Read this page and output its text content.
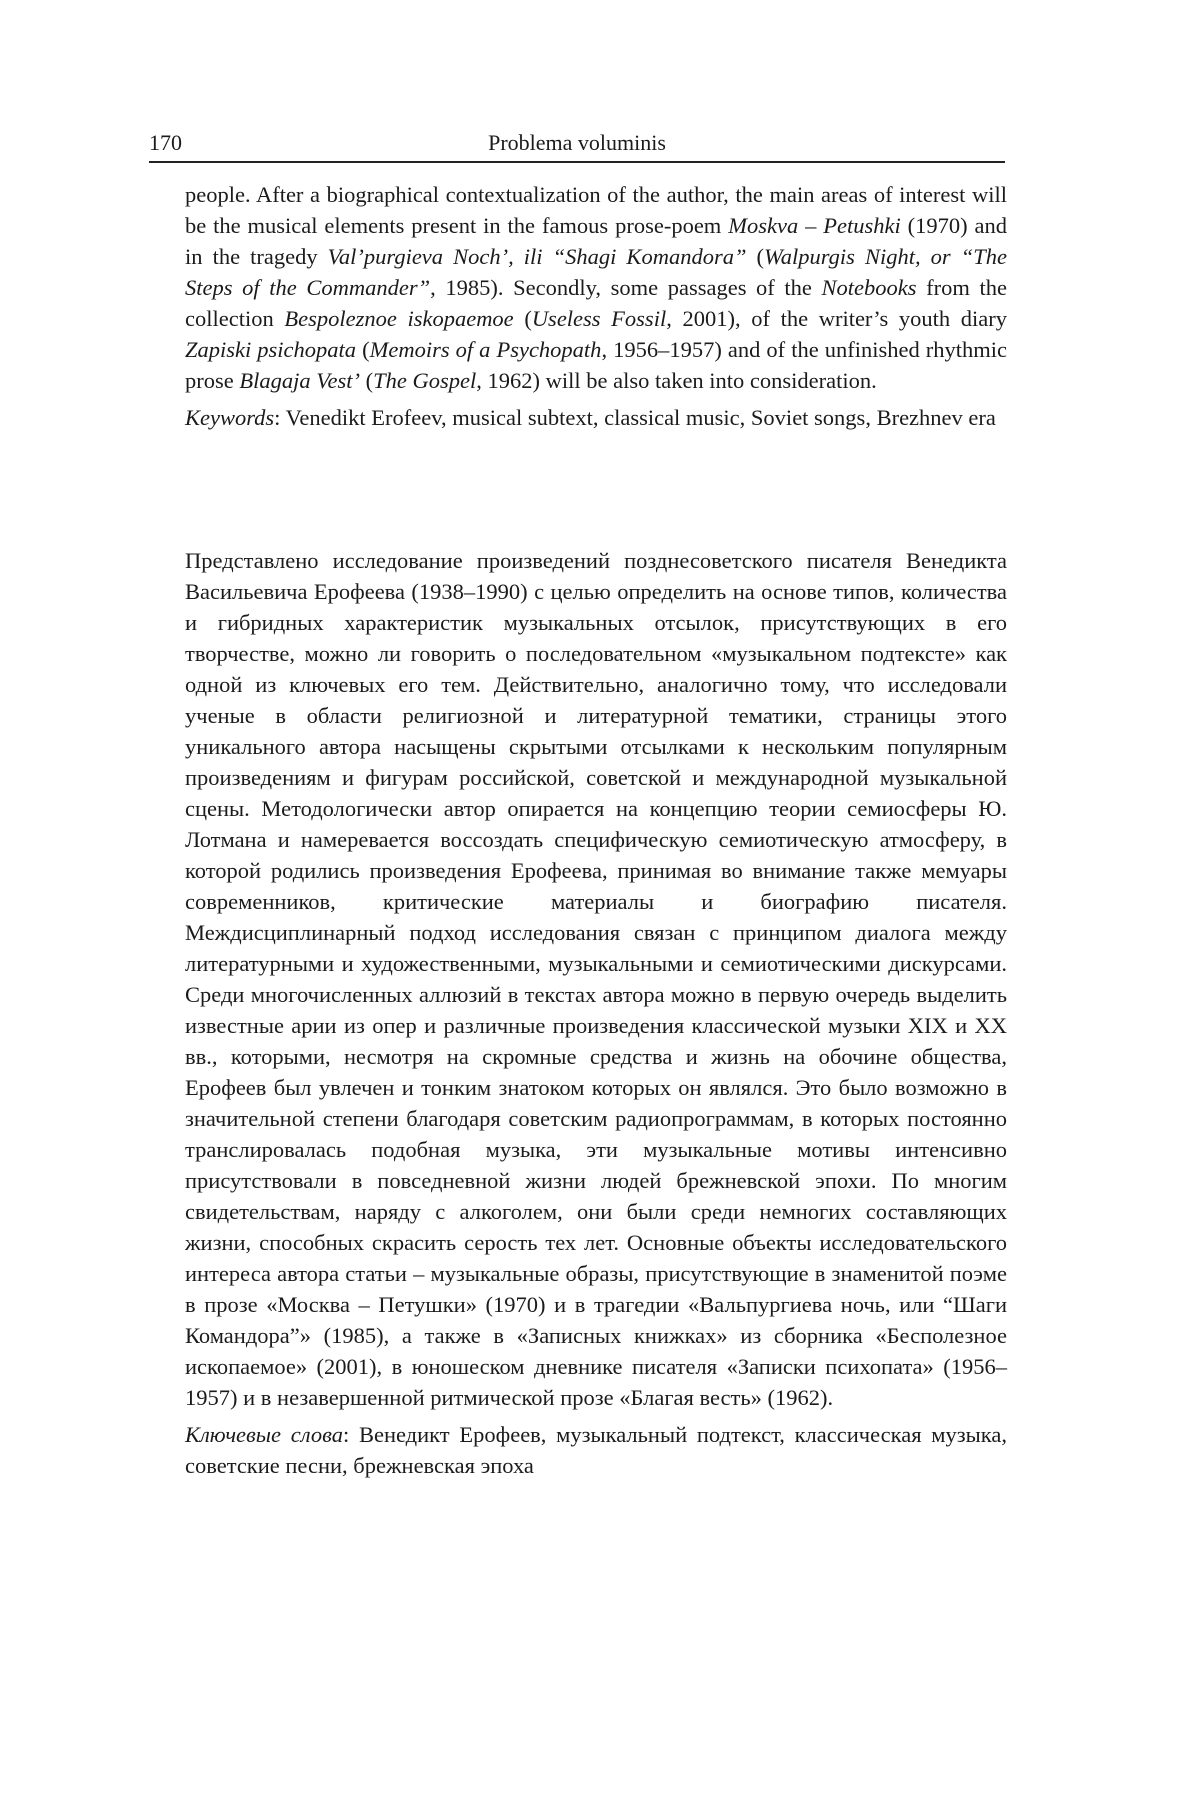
170	Problema voluminis

people. After a biographical contextualization of the author, the main areas of interest will be the musical elements present in the famous prose-poem Moskva – Petushki (1970) and in the tragedy Val’purgieva Noch’, ili “Shagi Komandora” (Walpurgis Night, or “The Steps of the Commander”, 1985). Secondly, some passages of the Notebooks from the collection Bespoleznoe iskopaemoe (Useless Fossil, 2001), of the writer’s youth diary Zapiski psichopata (Memoirs of a Psychopath, 1956–1957) and of the unfinished rhythmic prose Blagaja Vest’ (The Gospel, 1962) will be also taken into consideration.

Keywords: Venedikt Erofeev, musical subtext, classical music, Soviet songs, Brezhnev era

Представлено исследование произведений позднесоветского писателя Венедикта Васильевича Ерофеева (1938–1990) с целью определить на основе типов, количества и гибридных характеристик музыкальных отсылок, присутствующих в его творчестве, можно ли говорить о последовательном «музыкальном подтексте» как одной из ключевых его тем. Действительно, аналогично тому, что исследовали ученые в области религиозной и литературной тематики, страницы этого уникального автора насыщены скрытыми отсылками к нескольким популярным произведениям и фигурам российской, советской и международной музыкальной сцены. Методологически автор опирается на концепцию теории семиосферы Ю. Лотмана и намеревается воссоздать специфическую семиотическую атмосферу, в которой родились произведения Ерофеева, принимая во внимание также мемуары современников, критические материалы и биографию писателя. Междисциплинарный подход исследования связан с принципом диалога между литературными и художественными, музыкальными и семиотическими дискурсами. Среди многочисленных аллюзий в текстах автора можно в первую очередь выделить известные арии из опер и различные произведения классической музыки XIX и XX вв., которыми, несмотря на скромные средства и жизнь на обочине общества, Ерофеев был увлечен и тонким знатоком которых он являлся. Это было возможно в значительной степени благодаря советским радиопрограммам, в которых постоянно транслировалась подобная музыка, эти музыкальные мотивы интенсивно присутствовали в повседневной жизни людей брежневской эпохи. По многим свидетельствам, наряду с алкоголем, они были среди немногих составляющих жизни, способных скрасить серость тех лет. Основные объекты исследовательского интереса автора статьи – музыкальные образы, присутствующие в знаменитой поэме в прозе «Москва – Петушки» (1970) и в трагедии «Вальпургиева ночь, или “Шаги Командора”» (1985), а также в «Записных книжках» из сборника «Бесполезное ископаемое» (2001), в юношеском дневнике писателя «Записки психопата» (1956–1957) и в незавершенной ритмической прозе «Благая весть» (1962).

Ключевые слова: Венедикт Ерофеев, музыкальный подтекст, классическая музыка, советские песни, брежневская эпоха
